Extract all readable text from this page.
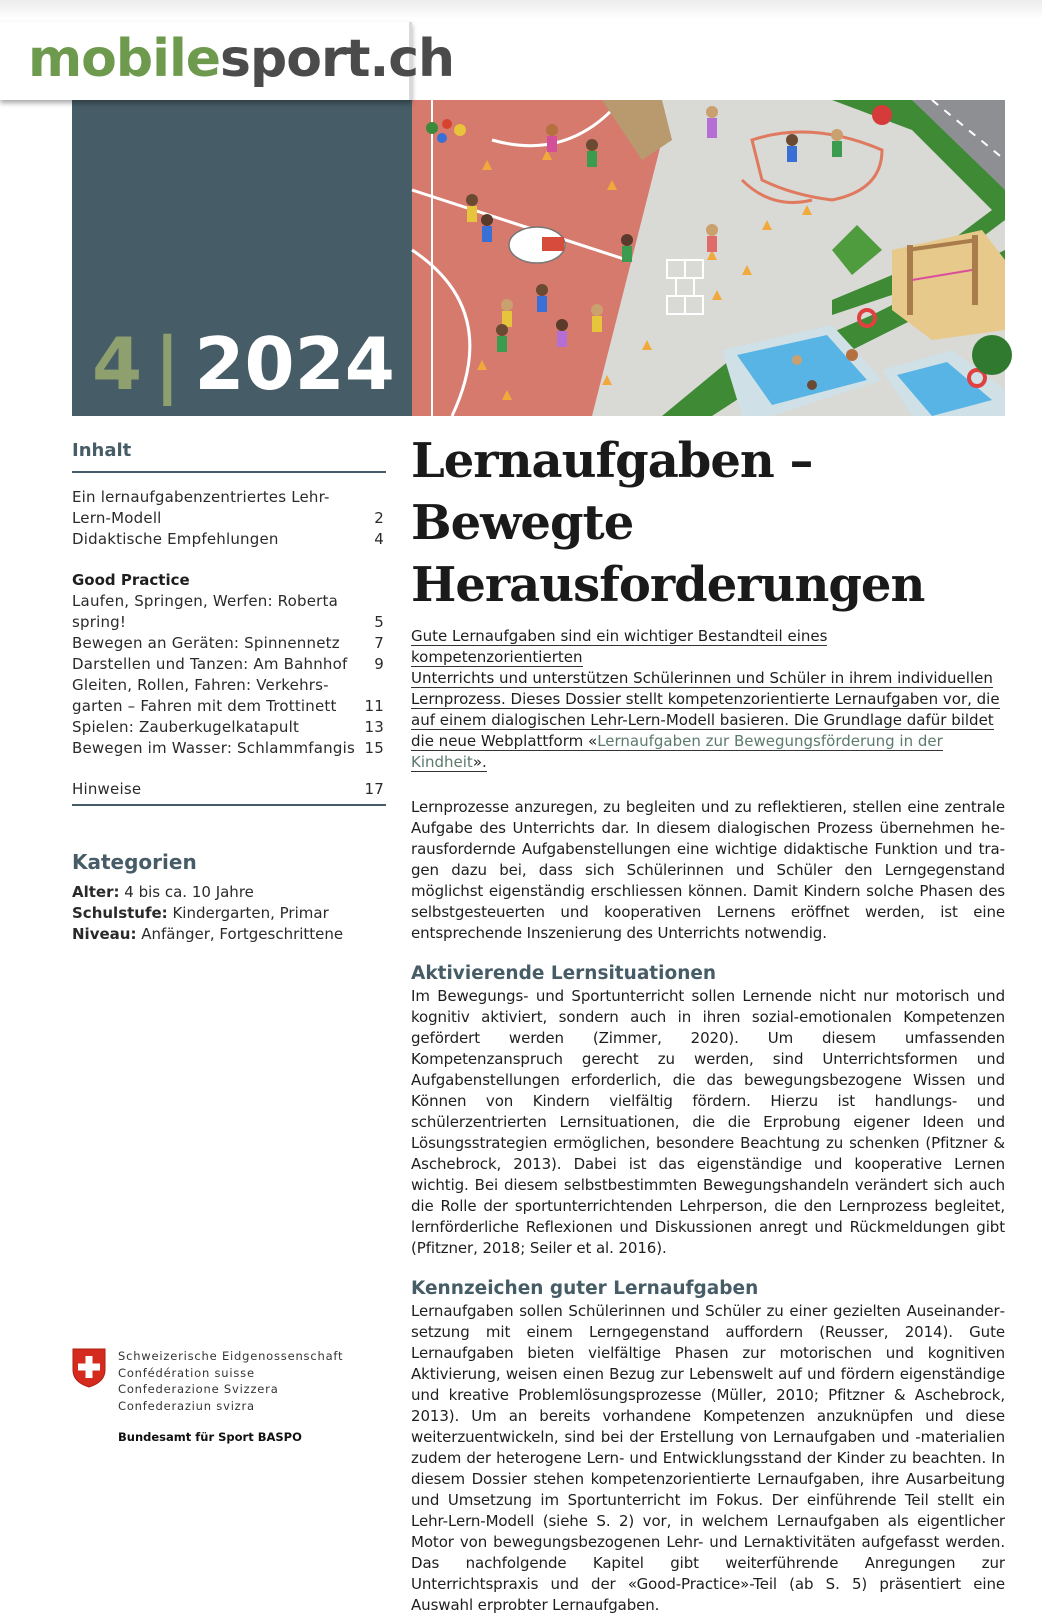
mobilesport.ch
4 | 2024
Inhalt
Ein lernaufgabenzentriertes Lehr-Lern-Modell	2
Didaktische Empfehlungen	4
Good Practice
Laufen, Springen, Werfen: Roberta spring!	5
Bewegen an Geräten: Spinnennetz 7
Darstellen und Tanzen: Am Bahnhof 9
Gleiten, Rollen, Fahren: Verkehrs-garten – Fahren mit dem Trottinett 11
Spielen: Zauberkugelkatapult	13
Bewegen im Wasser: Schlammfangis 15
Hinweise	17
Kategorien
Alter: 4 bis ca. 10 Jahre
Schulstufe: Kindergarten, Primar
Niveau: Anfänger, Fortgeschrittene
Schweizerische Eidgenossenschaft
Confédération suisse
Confederazione Svizzera
Confederaziun svizra
Bundesamt für Sport BASPO
Lernaufgaben – Bewegte
Herausforderungen
Gute Lernaufgaben sind ein wichtiger Bestandteil eines kompetenzorientierten
Unterrichts und unterstützen Schülerinnen und Schüler in ihrem individuellen
Lernprozess. Dieses Dossier stellt kompetenzorientierte Lernaufgaben vor, die
auf einem dialogischen Lehr-Lern-Modell basieren. Die Grundlage dafür bildet
die neue Webplattform «Lernaufgaben zur Bewegungsförderung in der Kindheit».

Lernprozesse anzuregen, zu begleiten und zu reflektieren, stellen eine zentrale Aufgabe des Unterrichts dar. In diesem dialogischen Prozess übernehmen herausfordernde Aufgabenstellungen eine wichtige didaktische Funktion und tragen dazu bei, dass sich Schülerinnen und Schüler den Lerngegenstand möglichst eigenständig erschliessen können. Damit Kindern solche Phasen des selbstgesteuerten und kooperativen Lernens eröffnet werden, ist eine entsprechende Inszenierung des Unterrichts notwendig.

Aktivierende Lernsituationen

Im Bewegungs- und Sportunterricht sollen Lernende nicht nur motorisch und kognitiv aktiviert, sondern auch in ihren sozial-emotionalen Kompetenzen gefördert werden (Zimmer, 2020). Um diesem umfassenden Kompetenzanspruch gerecht zu werden, sind Unterrichtsformen und Aufgabenstellungen erforderlich, die das bewegungsbezogene Wissen und Können von Kindern vielfältig fördern. Hierzu ist handlungs- und schülerzentrierten Lernsituationen, die die Erprobung eigener Ideen und Lösungsstrategien ermöglichen, besondere Beachtung zu schenken (Pfitzner & Aschebrock, 2013). Dabei ist das eigenständige und kooperative Lernen wichtig. Bei diesem selbstbestimmten Bewegungshandeln verändert sich auch die Rolle der sportunterrichtenden Lehrperson, die den Lernprozess begleitet, lernförderliche Reflexionen und Diskussionen anregt und Rückmeldungen gibt (Pfitzner, 2018; Seiler et al. 2016).

Kennzeichen guter Lernaufgaben

Lernaufgaben sollen Schülerinnen und Schüler zu einer gezielten Auseinandersetzung mit einem Lerngegenstand auffordern (Reusser, 2014). Gute Lernaufgaben bieten vielfältige Phasen zur motorischen und kognitiven Aktivierung, weisen einen Bezug zur Lebenswelt auf und fördern eigenständige und kreative Problemlösungsprozesse (Müller, 2010; Pfitzner & Aschebrock, 2013). Um an bereits vorhandene Kompetenzen anzuknüpfen und diese weiterzuentwickeln, sind bei der Erstellung von Lernaufgaben und -materialien zudem der heterogene Lern- und Entwicklungsstand der Kinder zu beachten. In diesem Dossier stehen kompetenzorientierte Lernaufgaben, ihre Ausarbeitung und Umsetzung im Sportunterricht im Fokus. Der einführende Teil stellt ein Lehr-Lern-Modell (siehe S. 2) vor, in welchem Lernaufgaben als eigentlicher Motor von bewegungsbezogenen Lehr- und Lernaktivitäten aufgefasst werden. Das nachfolgende Kapitel gibt weiterführende Anregungen zur Unterrichtspraxis und der «Good-Practice»-Teil (ab S. 5) präsentiert eine Auswahl erprobter Lernaufgaben.
